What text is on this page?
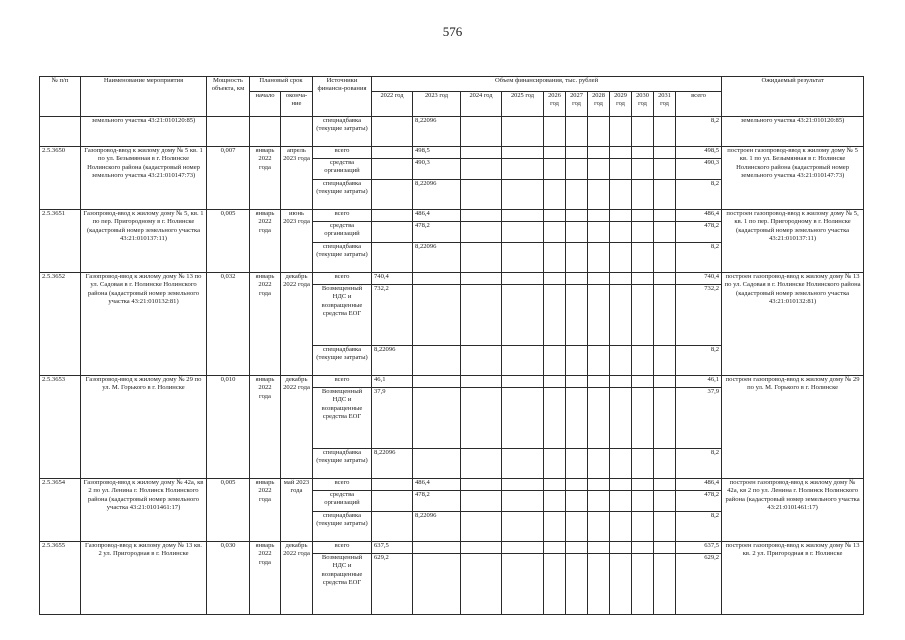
576
№ п/п	Наименование мероприятия	Мощность объекта, км	Плановый срок		Источники финанси-рования	Объем финансирования, тыс. рублей											Ожидаемый результат
			начало	оконча-ние		2022 год	2023 год	2024 год	2025 год	2026 год	2027 год	2028 год	2029 год	2030 год	2031 год	всего	

	земельного участка 43:21:010120:85)				спецнадбавка (текущие затраты)		8,22096									8,2	земельного участка 43:21:010120:85)
2.5.3650	Газопровод-ввод к жилому дому № 5 кв. 1 по ул. Безымянная в г. Нолинске Нолинского района (кадастровый номер земельного участка 43:21:010147:73)	0,007	январь 2022 года	апрель 2023 года	всего		498,5									498,5	построен газопровод-ввод к жилому дому № 5 кв. 1 по ул. Безымянная в г. Нолинске Нолинского района (кадастровый номер земельного участка 43:21:010147:73)
					средства организаций		490,3									490,3	
					спецнадбавка (текущие затраты)		8,22096									8,2	
2.5.3651	Газопровод-ввод к жилому дому № 5, кв. 1 по пер. Пригородному в г. Нолинске (кадастровый номер земельного участка 43:21:010137:11)	0,005	январь 2022 года	июнь 2023 года	всего		486,4									486,4	построен газопровод-ввод к жилому дому № 5, кв. 1 по пер. Пригородному в г. Нолинске (кадастровый номер земельного участка 43:21:010137:11)
					средства организаций		478,2									478,2	
					спецнадбавка (текущие затраты)		8,22096									8,2	
2.5.3652	Газопровод-ввод к жилому дому № 13 по ул. Садовая в г. Нолинске Нолинского района (кадастровый номер земельного участка 43:21:010132:81)	0,032	январь 2022 года	декабрь 2022 года	всего	740,4										740,4	построен газопровод-ввод к жилому дому № 13 по ул. Садовая в г. Нолинске Нолинского района (кадастровый номер земельного участка 43:21:010132:81)
					Возмещенный НДС и возвращенные средства ЕОГ	732,2										732,2	
					спецнадбавка (текущие затраты)	8,22096										8,2	
2.5.3653	Газопровод-ввод к жилому дому № 29 по ул. М. Горького в г. Нолинске	0,010	январь 2022 года	декабрь 2022 года	всего	46,1										46,1	построен газопровод-ввод к жилому дому № 29 по ул. М. Горького в г. Нолинске
					Возмещенный НДС и возвращенные средства ЕОГ	37,9										37,9	
					спецнадбавка (текущие затраты)	8,22096										8,2	
2.5.3654	Газопровод-ввод к жилому дому № 42а, кв 2 по ул. Ленина г. Нолинск Нолинского района (кадастровый номер земельного участка 43:21:0101461:17)	0,005	январь 2022 года	май 2023 года	всего		486,4									486,4	построен газопровод-ввод к жилому дому № 42а, кв 2 по ул. Ленина г. Нолинск Нолинского района (кадастровый номер земельного участка 43:21:0101461:17)
					средства организаций		478,2									478,2	
					спецнадбавка (текущие затраты)		8,22096									8,2	
2.5.3655	Газопровод-ввод к жилому дому № 13 кв. 2 ул. Пригородная в г. Нолинске	0,030	январь 2022 года	декабрь 2022 года	всего	637,5										637,5	построен газопровод-ввод к жилому дому № 13 кв. 2 ул. Пригородная в г. Нолинске
					Возмещенный НДС и возвращенные средства ЕОГ	629,2										629,2	
